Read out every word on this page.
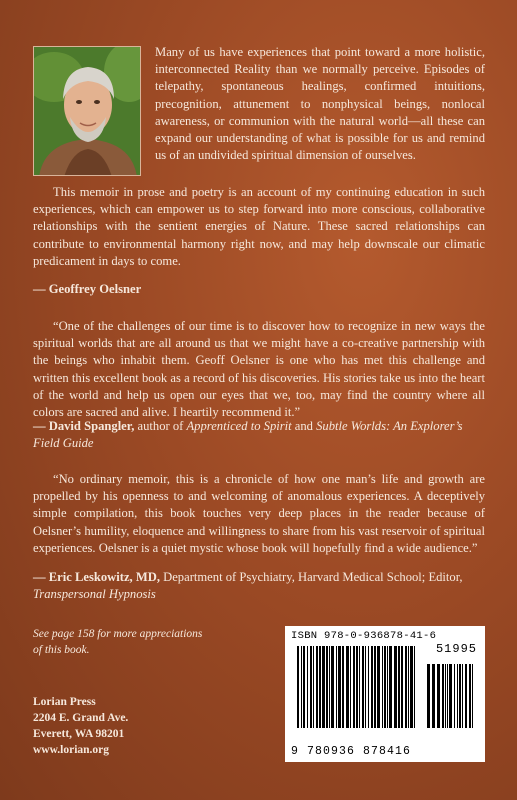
Many of us have experiences that point toward a more holistic, interconnected Reality than we normally perceive. Episodes of telepathy, spontaneous healings, confirmed intuitions, precognition, attunement to nonphysical beings, nonlocal awareness, or communion with the natural world—all these can expand our understanding of what is possible for us and remind us of an undivided spiritual dimension of ourselves.

This memoir in prose and poetry is an account of my continuing education in such experiences, which can empower us to step forward into more conscious, collaborative relationships with the sentient energies of Nature. These sacred relationships can contribute to environmental harmony right now, and may help downscale our climatic predicament in days to come.

— Geoffrey Oelsner

“One of the challenges of our time is to discover how to recognize in new ways the spiritual worlds that are all around us that we might have a co-creative partnership with the beings who inhabit them. Geoff Oelsner is one who has met this challenge and written this excellent book as a record of his discoveries. His stories take us into the heart of the world and help us open our eyes that we, too, may find the country where all colors are sacred and alive. I heartily recommend it.”

— David Spangler, author of Apprenticed to Spirit and Subtle Worlds: An Explorer’s Field Guide

“No ordinary memoir, this is a chronicle of how one man’s life and growth are propelled by his openness to and welcoming of anomalous experiences. A deceptively simple compilation, this book touches very deep places in the reader because of Oelsner’s humility, eloquence and willingness to share from his vast reservoir of spiritual experiences. Oelsner is a quiet mystic whose book will hopefully find a wide audience.”

— Eric Leskowitz, MD, Department of Psychiatry, Harvard Medical School; Editor, Transpersonal Hypnosis

See page 158 for more appreciations of this book.

Lorian Press
2204 E. Grand Ave.
Everett, WA 98201
www.lorian.org
ISBN 978-0-936878-41-6
51995
9 780936 878416
